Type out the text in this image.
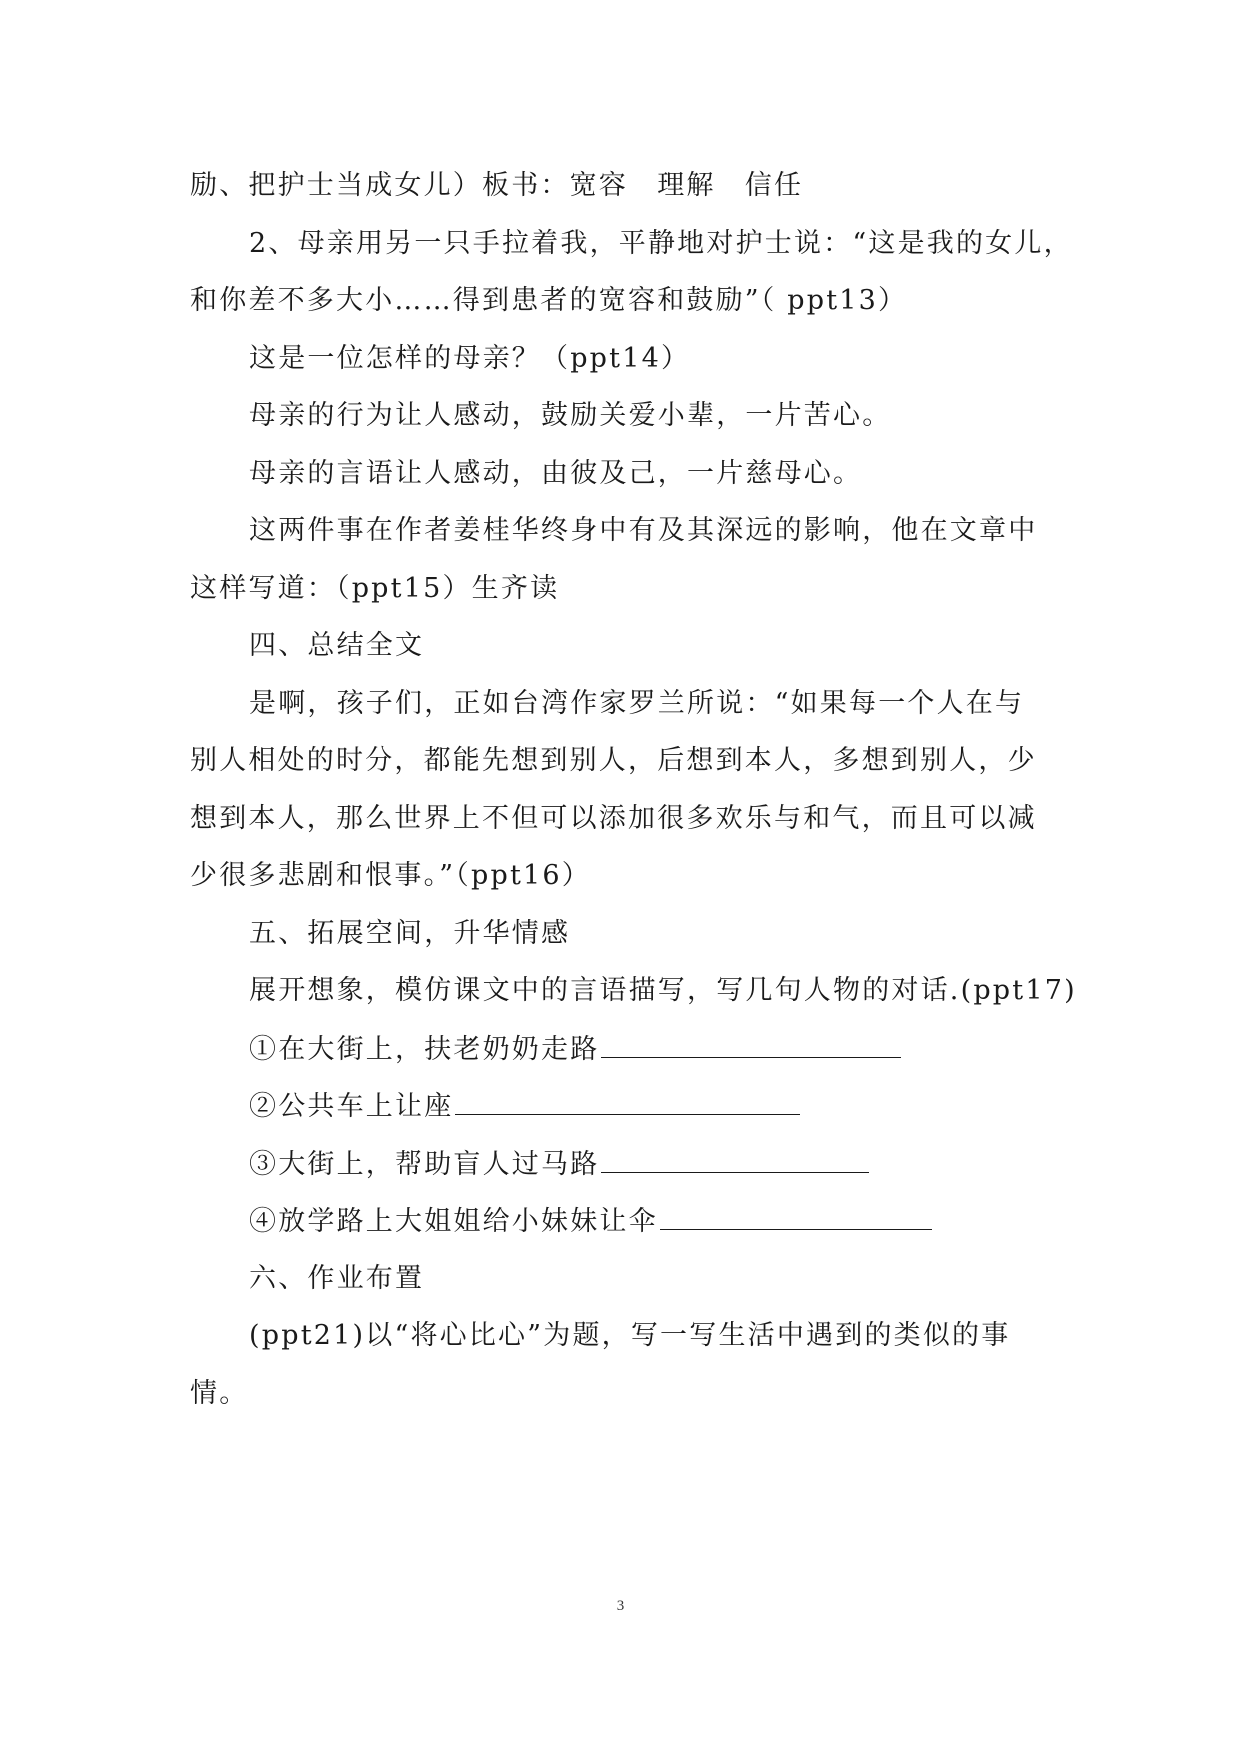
励、把护士当成女儿）板书：宽容　理解　信任
2、母亲用另一只手拉着我，平静地对护士说：“这是我的女儿，
和你差不多大小……得到患者的宽容和鼓励”（ ppt13）
这是一位怎样的母亲？（ppt14）
母亲的行为让人感动，鼓励关爱小辈，一片苦心。
母亲的言语让人感动，由彼及己，一片慈母心。
这两件事在作者姜桂华终身中有及其深远的影响，他在文章中
这样写道：（ppt15）生齐读
四、总结全文
是啊，孩子们，正如台湾作家罗兰所说：“如果每一个人在与
别人相处的时分，都能先想到别人，后想到本人，多想到别人，少
想到本人，那么世界上不但可以添加很多欢乐与和气，而且可以减
少很多悲剧和恨事。”（ppt16）
五、拓展空间，升华情感
展开想象，模仿课文中的言语描写，写几句人物的对话.(ppt17)
①在大街上，扶老奶奶走路
②公共车上让座
③大街上，帮助盲人过马路
④放学路上大姐姐给小妹妹让伞
六、作业布置
(ppt21)以“将心比心”为题，写一写生活中遇到的类似的事
情。
3
